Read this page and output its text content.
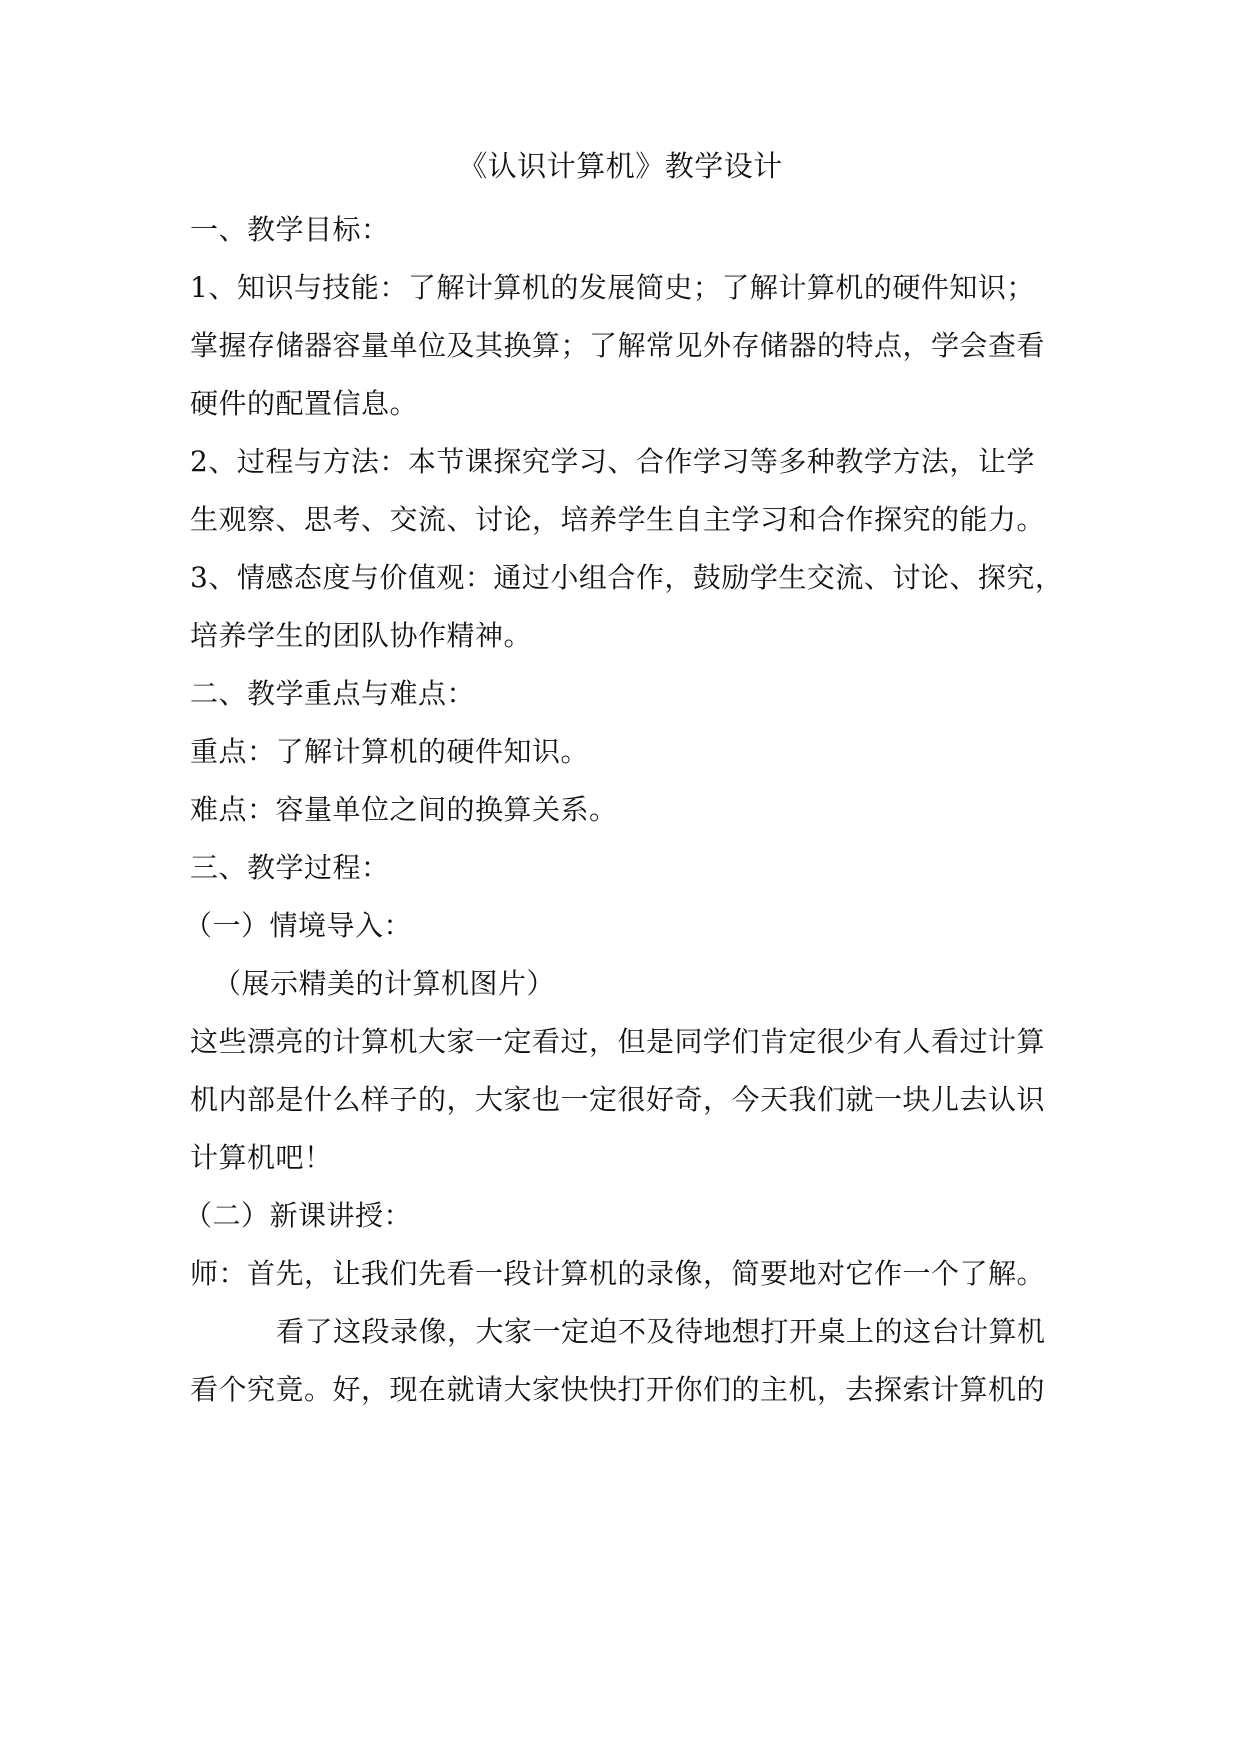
《认识计算机》教学设计
一、教学目标：
1、知识与技能：了解计算机的发展简史；了解计算机的硬件知识；
掌握存储器容量单位及其换算；了解常见外存储器的特点，学会查看
硬件的配置信息。
2、过程与方法：本节课探究学习、合作学习等多种教学方法，让学
生观察、思考、交流、讨论，培养学生自主学习和合作探究的能力。
3、情感态度与价值观：通过小组合作，鼓励学生交流、讨论、探究，
培养学生的团队协作精神。
二、教学重点与难点：
重点：了解计算机的硬件知识。
难点：容量单位之间的换算关系。
三、教学过程：
（一）情境导入：
（展示精美的计算机图片）
这些漂亮的计算机大家一定看过，但是同学们肯定很少有人看过计算
机内部是什么样子的，大家也一定很好奇，今天我们就一块儿去认识
计算机吧！
（二）新课讲授：
师：首先，让我们先看一段计算机的录像，简要地对它作一个了解。
看了这段录像，大家一定迫不及待地想打开桌上的这台计算机
看个究竟。好，现在就请大家快快打开你们的主机，去探索计算机的
